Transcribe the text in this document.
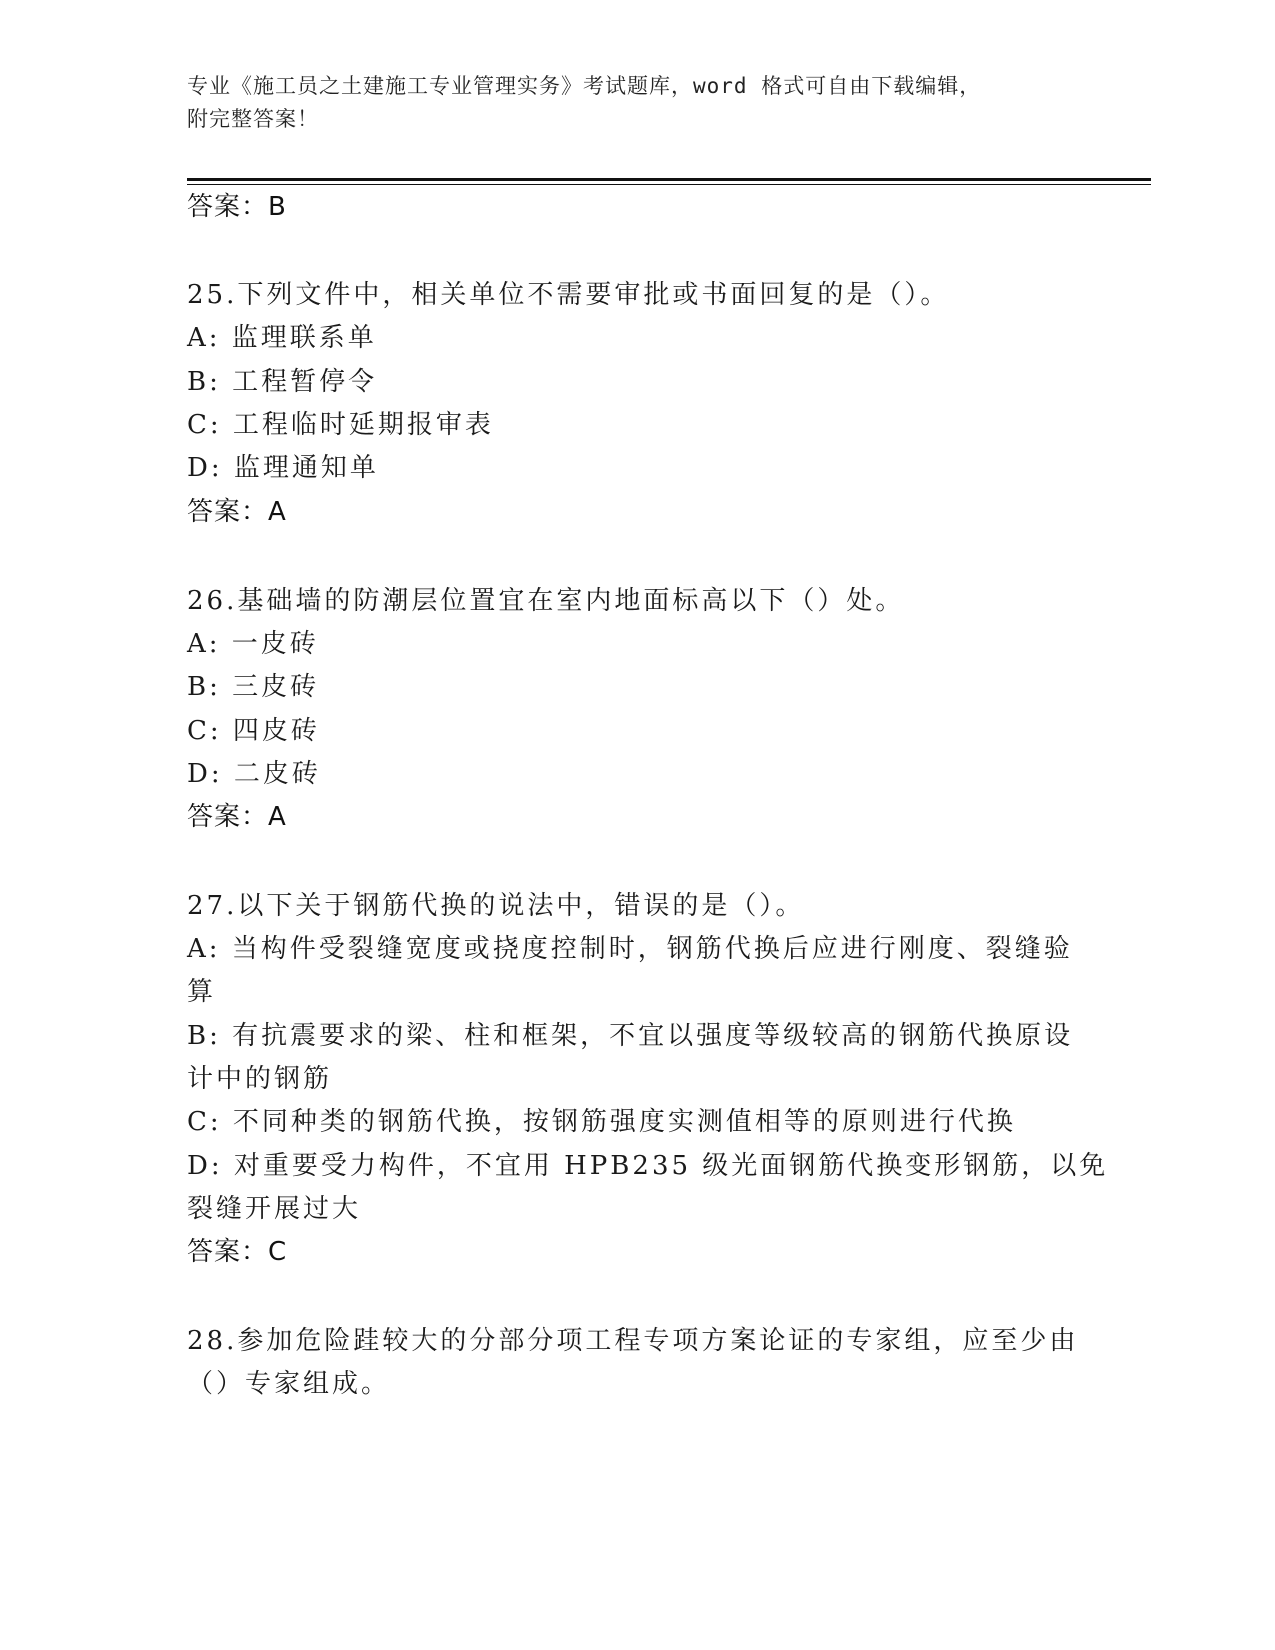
专业《施工员之土建施工专业管理实务》考试题库，word 格式可自由下载编辑，
附完整答案！
答案：B
25.下列文件中，相关单位不需要审批或书面回复的是（）。
A: 监理联系单
B: 工程暂停令
C: 工程临时延期报审表
D: 监理通知单
答案：A
26.基础墙的防潮层位置宜在室内地面标高以下（）处。
A: 一皮砖
B: 三皮砖
C: 四皮砖
D: 二皮砖
答案：A
27.以下关于钢筋代换的说法中，错误的是（）。
A: 当构件受裂缝宽度或挠度控制时，钢筋代换后应进行刚度、裂缝验
算
B: 有抗震要求的梁、柱和框架，不宜以强度等级较高的钢筋代换原设
计中的钢筋
C: 不同种类的钢筋代换，按钢筋强度实测值相等的原则进行代换
D: 对重要受力构件，不宜用 HPB235 级光面钢筋代换变形钢筋，以免
裂缝开展过大
答案：C
28.参加危险跬较大的分部分项工程专项方案论证的专家组，应至少由
（）专家组成。
